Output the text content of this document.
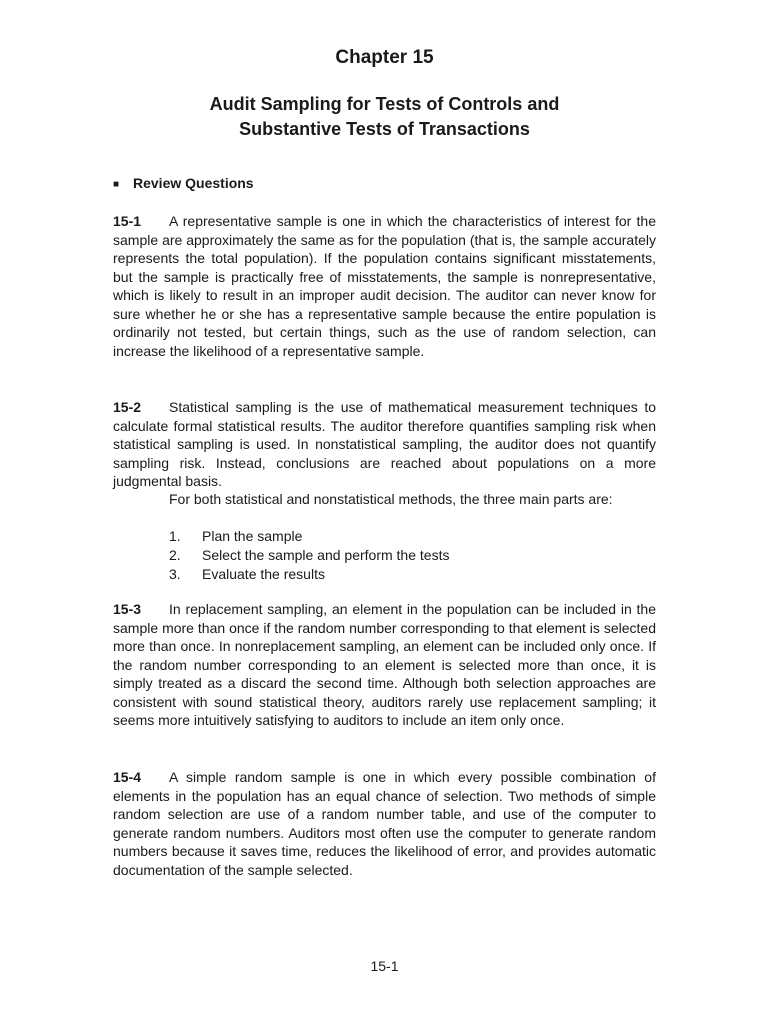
Chapter 15
Audit Sampling for Tests of Controls and
Substantive Tests of Transactions
■ Review Questions

15-1 A representative sample is one in which the characteristics of interest for the sample are approximately the same as for the population (that is, the sample accurately represents the total population). If the population contains significant misstatements, but the sample is practically free of misstatements, the sample is nonrepresentative, which is likely to result in an improper audit decision. The auditor can never know for sure whether he or she has a representative sample because the entire population is ordinarily not tested, but certain things, such as the use of random selection, can increase the likelihood of a representative sample.

15-2 Statistical sampling is the use of mathematical measurement techniques to calculate formal statistical results. The auditor therefore quantifies sampling risk when statistical sampling is used. In nonstatistical sampling, the auditor does not quantify sampling risk. Instead, conclusions are reached about populations on a more judgmental basis.

For both statistical and nonstatistical methods, the three main parts are:

1. Plan the sample
2. Select the sample and perform the tests
3. Evaluate the results

15-3 In replacement sampling, an element in the population can be included in the sample more than once if the random number corresponding to that element is selected more than once. In nonreplacement sampling, an element can be included only once. If the random number corresponding to an element is selected more than once, it is simply treated as a discard the second time. Although both selection approaches are consistent with sound statistical theory, auditors rarely use replacement sampling; it seems more intuitively satisfying to auditors to include an item only once.

15-4 A simple random sample is one in which every possible combination of elements in the population has an equal chance of selection. Two methods of simple random selection are use of a random number table, and use of the computer to generate random numbers. Auditors most often use the computer to generate random numbers because it saves time, reduces the likelihood of error, and provides automatic documentation of the sample selected.

15-1
